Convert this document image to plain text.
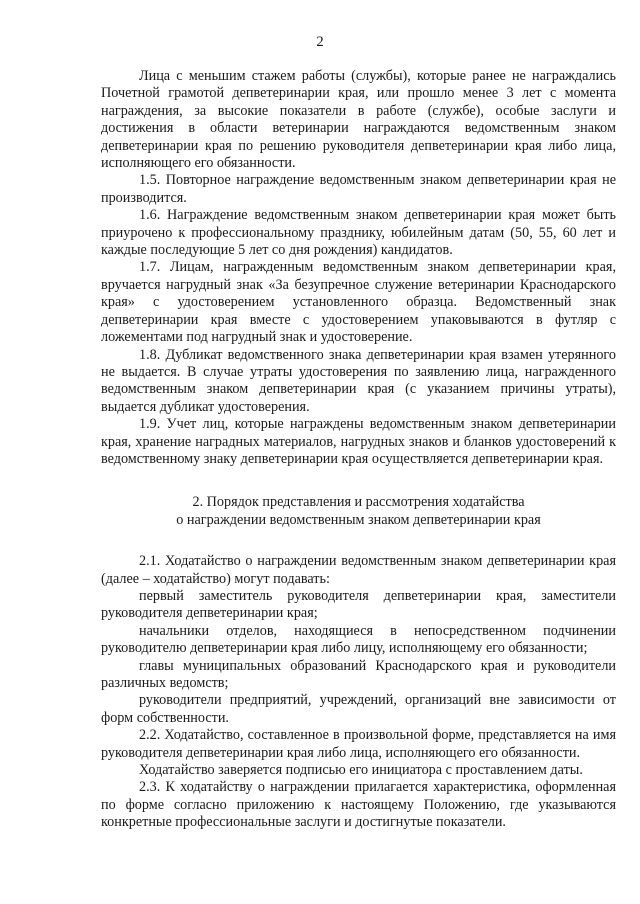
2

Лица с меньшим стажем работы (службы), которые ранее не награждались Почетной грамотой депветеринарии края, или прошло менее 3 лет с момента награждения, за высокие показатели в работе (службе), особые заслуги и достижения в области ветеринарии награждаются ведомственным знаком депветеринарии края по решению руководителя депветеринарии края либо лица, исполняющего его обязанности.

1.5. Повторное награждение ведомственным знаком депветеринарии края не производится.

1.6. Награждение ведомственным знаком депветеринарии края может быть приурочено к профессиональному празднику, юбилейным датам (50, 55, 60 лет и каждые последующие 5 лет со дня рождения) кандидатов.

1.7. Лицам, награжденным ведомственным знаком депветеринарии края, вручается нагрудный знак «За безупречное служение ветеринарии Краснодарского края» с удостоверением установленного образца. Ведомственный знак депветеринарии края вместе с удостоверением упаковываются в футляр с ложементами под нагрудный знак и удостоверение.

1.8. Дубликат ведомственного знака депветеринарии края взамен утерянного не выдается. В случае утраты удостоверения по заявлению лица, награжденного ведомственным знаком депветеринарии края (с указанием причины утраты), выдается дубликат удостоверения.

1.9. Учет лиц, которые награждены ведомственным знаком депветеринарии края, хранение наградных материалов, нагрудных знаков и бланков удостоверений к ведомственному знаку депветеринарии края осуществляется депветеринарии края.

2. Порядок представления и рассмотрения ходатайства
о награждении ведомственным знаком депветеринарии края

2.1. Ходатайство о награждении ведомственным знаком депветеринарии края (далее – ходатайство) могут подавать:

первый заместитель руководителя депветеринарии края, заместители руководителя депветеринарии края;

начальники отделов, находящиеся в непосредственном подчинении руководителю депветеринарии края либо лицу, исполняющему его обязанности;

главы муниципальных образований Краснодарского края и руководители различных ведомств;

руководители предприятий, учреждений, организаций вне зависимости от форм собственности.

2.2. Ходатайство, составленное в произвольной форме, представляется на имя руководителя депветеринарии края либо лица, исполняющего его обязанности.

Ходатайство заверяется подписью его инициатора с проставлением даты.

2.3. К ходатайству о награждении прилагается характеристика, оформленная по форме согласно приложению к настоящему Положению, где указываются конкретные профессиональные заслуги и достигнутые показатели.
